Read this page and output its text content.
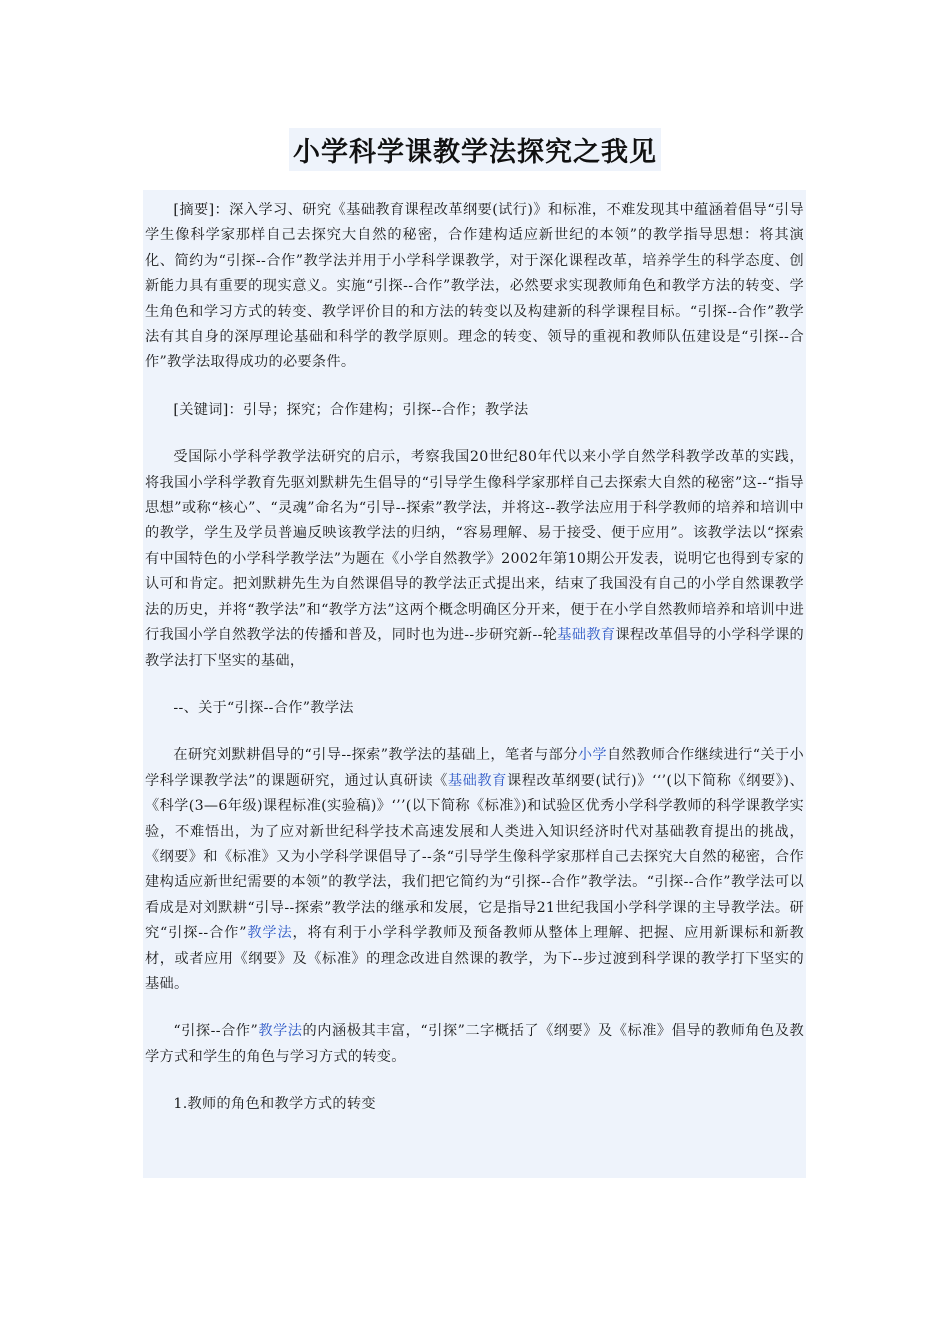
小学科学课教学法探究之我见

[摘要]：深入学习、研究《基础教育课程改革纲要(试行)》和标准，不难发现其中蕴涵着倡导“引导学生像科学家那样自己去探究大自然的秘密，合作建构适应新世纪的本领”的教学指导思想：将其演化、简约为“引探--合作”教学法并用于小学科学课教学，对于深化课程改革，培养学生的科学态度、创新能力具有重要的现实意义。实施“引探--合作”教学法，必然要求实现教师角色和教学方法的转变、学生角色和学习方式的转变、教学评价目的和方法的转变以及构建新的科学课程目标。“引探--合作”教学法有其自身的深厚理论基础和科学的教学原则。理念的转变、领导的重视和教师队伍建设是“引探--合作”教学法取得成功的必要条件。

[关键词]：引导；探究；合作建构；引探--合作；教学法

受国际小学科学教学法研究的启示，考察我国20世纪80年代以来小学自然学科教学改革的实践，将我国小学科学教育先驱刘默耕先生倡导的“引导学生像科学家那样自己去探索大自然的秘密”这--“指导思想”或称“核心”、“灵魂”命名为“引导--探索”教学法，并将这--教学法应用于科学教师的培养和培训中的教学，学生及学员普遍反映该教学法的归纳，“容易理解、易于接受、便于应用”。该教学法以“探索有中国特色的小学科学教学法”为题在《小学自然教学》2002年第10期公开发表，说明它也得到专家的认可和肯定。把刘默耕先生为自然课倡导的教学法正式提出来，结束了我国没有自己的小学自然课教学法的历史，并将“教学法”和“教学方法”这两个概念明确区分开来，便于在小学自然教师培养和培训中进行我国小学自然教学法的传播和普及，同时也为进--步研究新--轮基础教育课程改革倡导的小学科学课的教学法打下坚实的基础，

--、关于“引探--合作”教学法

在研究刘默耕倡导的“引导--探索”教学法的基础上，笔者与部分小学自然教师合作继续进行“关于小学科学课教学法”的课题研究，通过认真研读《基础教育课程改革纲要(试行)》‘‘’(以下简称《纲要》)、《科学(3—6年级)课程标准(实验稿)》‘’’(以下简称《标准》)和试验区优秀小学科学教师的科学课教学实验，不难悟出，为了应对新世纪科学技术高速发展和人类进入知识经济时代对基础教育提出的挑战，《纲要》和《标准》又为小学科学课倡导了--条“引导学生像科学家那样自己去探究大自然的秘密，合作建构适应新世纪需要的本领”的教学法，我们把它简约为“引探--合作”教学法。“引探--合作”教学法可以看成是对刘默耕“引导--探索”教学法的继承和发展，它是指导21世纪我国小学科学课的主导教学法。研究“引探--合作”教学法，将有利于小学科学教师及预备教师从整体上理解、把握、应用新课标和新教材，或者应用《纲要》及《标准》的理念改进自然课的教学，为下--步过渡到科学课的教学打下坚实的基础。

“引探--合作”教学法的内涵极其丰富，“引探”二字概括了《纲要》及《标准》倡导的教师角色及教学方式和学生的角色与学习方式的转变。

1.教师的角色和教学方式的转变
